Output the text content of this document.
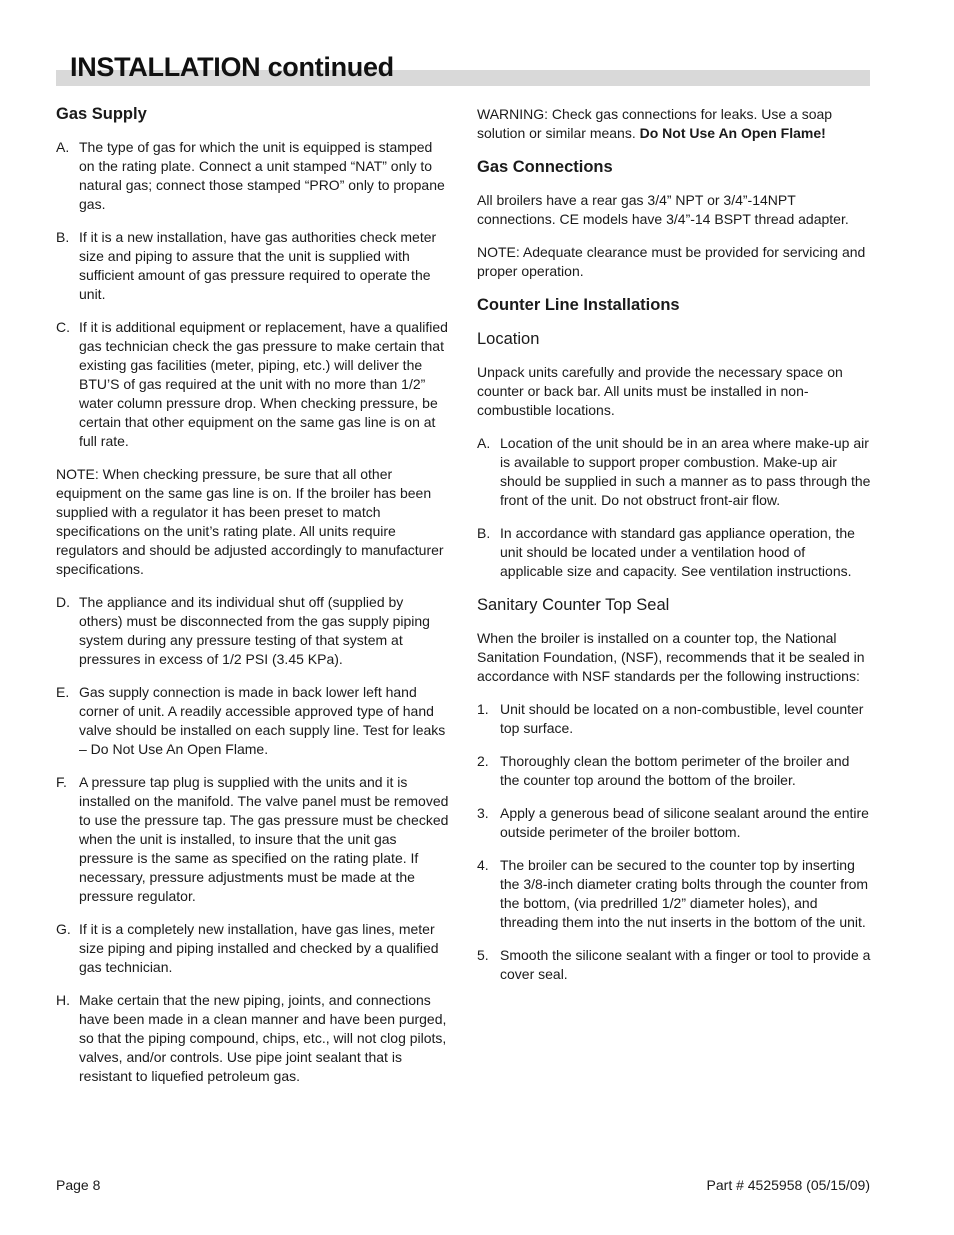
INSTALLATION continued
Gas Supply
A. The type of gas for which the unit is equipped is stamped on the rating plate. Connect a unit stamped “NAT” only to natural gas; connect those stamped “PRO” only to propane gas.
B. If it is a new installation, have gas authorities check meter size and piping to assure that the unit is supplied with sufficient amount of gas pressure required to operate the unit.
C. If it is additional equipment or replacement, have a qualified gas technician check the gas pressure to make certain that existing gas facilities (meter, piping, etc.) will deliver the BTU’S of gas required at the unit with no more than 1/2” water column pressure drop. When checking pressure, be certain that other equipment on the same gas line is on at full rate.

NOTE: When checking pressure, be sure that all other equipment on the same gas line is on. If the broiler has been supplied with a regulator it has been preset to match specifications on the unit’s rating plate. All units require regulators and should be adjusted accordingly to manufacturer specifications.

D. The appliance and its individual shut off (supplied by others) must be disconnected from the gas supply piping system during any pressure testing of that system at pressures in excess of 1/2 PSI (3.45 KPa).
E. Gas supply connection is made in back lower left hand corner of unit. A readily accessible approved type of hand valve should be installed on each supply line. Test for leaks – Do Not Use An Open Flame.
F. A pressure tap plug is supplied with the units and it is installed on the manifold. The valve panel must be removed to use the pressure tap. The gas pressure must be checked when the unit is installed, to insure that the unit gas pressure is the same as specified on the rating plate. If necessary, pressure adjustments must be made at the pressure regulator.
G. If it is a completely new installation, have gas lines, meter size piping and piping installed and checked by a qualified gas technician.
H. Make certain that the new piping, joints, and connections have been made in a clean manner and have been purged, so that the piping compound, chips, etc., will not clog pilots, valves, and/or controls. Use pipe joint sealant that is resistant to liquefied petroleum gas.

WARNING: Check gas connections for leaks. Use a soap solution or similar means. Do Not Use An Open Flame!

Gas Connections

All broilers have a rear gas 3/4” NPT or 3/4”-14NPT connections. CE models have 3/4”-14 BSPT thread adapter.

NOTE: Adequate clearance must be provided for servicing and proper operation.

Counter Line Installations
Location

Unpack units carefully and provide the necessary space on counter or back bar. All units must be installed in non-combustible locations.

A. Location of the unit should be in an area where make-up air is available to support proper combustion. Make-up air should be supplied in such a manner as to pass through the front of the unit. Do not obstruct front-air flow.
B. In accordance with standard gas appliance operation, the unit should be located under a ventilation hood of applicable size and capacity. See ventilation instructions.
Sanitary Counter Top Seal

When the broiler is installed on a counter top, the National Sanitation Foundation, (NSF), recommends that it be sealed in accordance with NSF standards per the following instructions:

1. Unit should be located on a non-combustible, level counter top surface.
2. Thoroughly clean the bottom perimeter of the broiler and the counter top around the bottom of the broiler.
3. Apply a generous bead of silicone sealant around the entire outside perimeter of the broiler bottom.
4. The broiler can be secured to the counter top by inserting the 3/8-inch diameter crating bolts through the counter from the bottom, (via predrilled 1/2” diameter holes), and threading them into the nut inserts in the bottom of the unit.
5. Smooth the silicone sealant with a finger or tool to provide a cover seal.
Page 8	Part # 4525958 (05/15/09)
